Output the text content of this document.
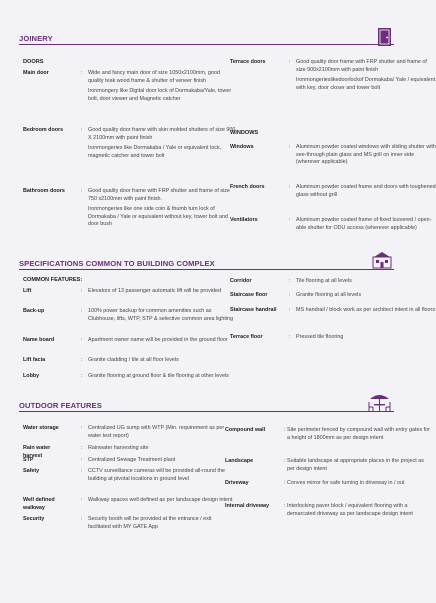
JOINERY
DOORS
WINDOWS
Main door	: Wide and fancy main door of size 1050x2100mm, good quality teak wood frame & shutter of veneer finish

Ironmongery like Digital door lock of Dormakaba/Yale, tower bolt, door viewer and Magnetic catcher

Bedroom doors	: Good quality door frame with skin molded shutters of size 900 X 2100mm with paint finish

Ironmongeries like Dormakaba / Yale or equivalent lock, magnetic catcher and tower bolt

Bathroom doors	: Good quality door frame with FRP shutter and frame of size 750 x2100mm with paint finish.

Ironmongeries like one side coin & thumb turn lock of Dormakaba / Yale or equivalent without key, tower bolt and door bush

Terrace doors	: Good quality door frame with FRP shutter and frame of size 900x2100mm with paint finish

Ironmongerieslikedoorlockof Dormakaba/ Yale / equivalent with key, door closer and tower bolt

Windows	: Aluminum powder coated windows with sliding shutter with see-through plain glass and MS grill on inner side (wherever applicable)

French doors	: Aluminum powder coated frame and doors with toughened glass without grill

Ventilators	: Aluminum powder coated frame of fixed louvered / open-able shutter for ODU access (wherever applicable)

SPECIFICATIONS COMMON TO BUILDING COMPLEX
COMMON FEATURES:
Lift	: Elevators of 13 passenger automatic lift will be provided

Back-up	: 100% power backup for common amenities such as Clubhouse, lifts, WTP, STP & selective common area lighting

Name board	: Apartment owner name will be provided in the ground floor

Lift facia	: Granite cladding / tile at all floor levels

Lobby	: Granite flooring at ground floor & tile flooring at other levels

Corridor	: Tile flooring at all levels

Staircase floor	: Granite flooring at all levels

Staircase handrail : MS handrail / block work as per architect intent in all floors

Terrace floor	: Pressed tile flooring

OUTDOOR FEATURES
Water storage	: Centralized UG sump with WTP (Min. requirement as per water test report)

Rain water harvest
: Rainwater harvesting site

STP	: Centralized Sewage Treatment plant

Safety	: CCTV surveillance cameras will be provided all-round the building at pivotal locations in ground level

Well defined walkway
: Walkway spaces well defined as per landscape design intent

Security	: Security booth will be provided at the entrance / exit facilitated with MY GATE App

Compound wall	: Site perimeter fenced by compound wall with entry gates for a height of 1800mm as per design intent

Landscape	: Suitable landscape at appropriate places in the project as per design intent

Driveway	: Convex mirror for safe turning in driveway in / out

Internal driveway	: Interlocking paver block / equivalent flooring with a demarcated driveway as per landscape design intent
